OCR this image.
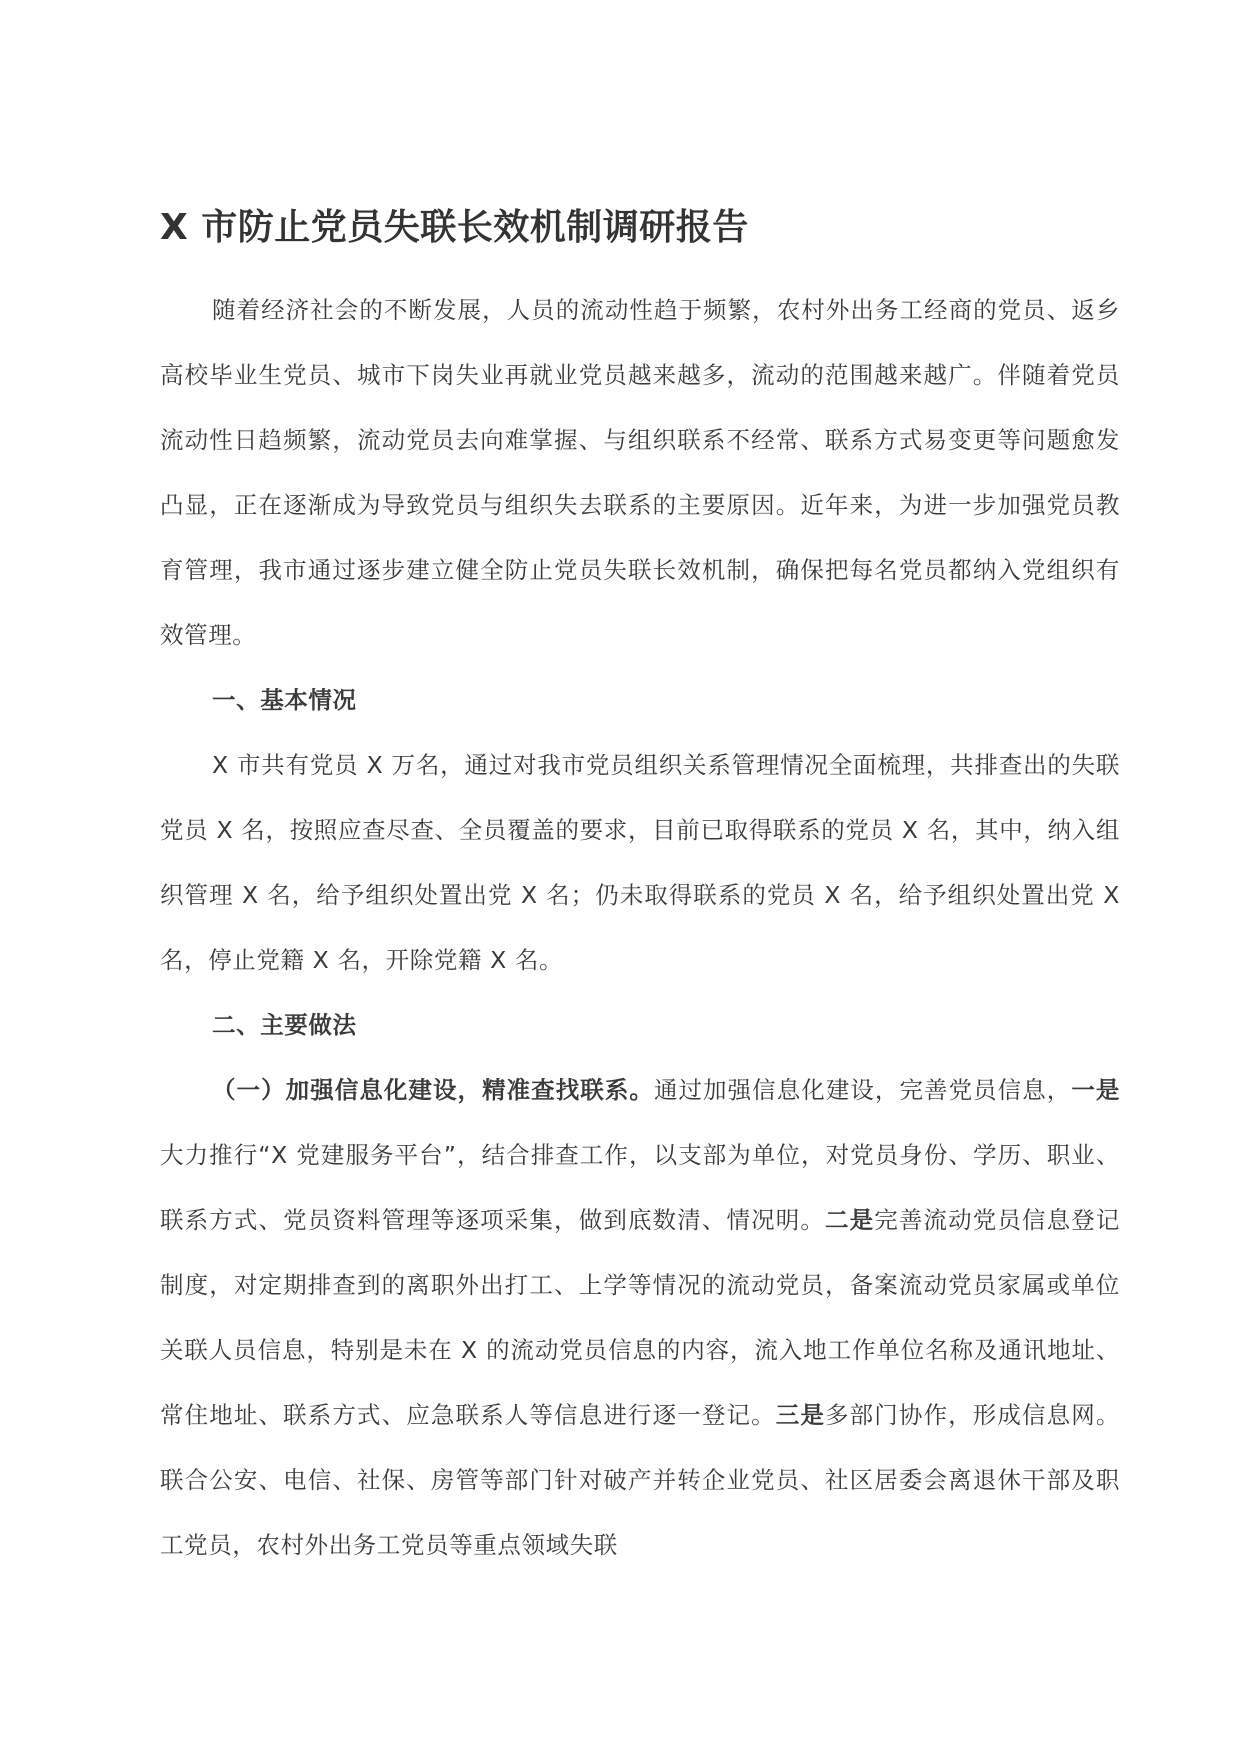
X 市防止党员失联长效机制调研报告

随着经济社会的不断发展，人员的流动性趋于频繁，农村外出务工经商的党员、返乡高校毕业生党员、城市下岗失业再就业党员越来越多，流动的范围越来越广。伴随着党员流动性日趋频繁，流动党员去向难掌握、与组织联系不经常、联系方式易变更等问题愈发凸显，正在逐渐成为导致党员与组织失去联系的主要原因。近年来，为进一步加强党员教育管理，我市通过逐步建立健全防止党员失联长效机制，确保把每名党员都纳入党组织有效管理。

一、基本情况

X 市共有党员 X 万名，通过对我市党员组织关系管理情况全面梳理，共排查出的失联党员 X 名，按照应查尽查、全员覆盖的要求，目前已取得联系的党员 X 名，其中，纳入组织管理 X 名，给予组织处置出党 X 名；仍未取得联系的党员 X 名，给予组织处置出党 X 名，停止党籍 X 名，开除党籍 X 名。

二、主要做法

（一）加强信息化建设，精准查找联系。通过加强信息化建设，完善党员信息，一是大力推行“X 党建服务平台”，结合排查工作，以支部为单位，对党员身份、学历、职业、联系方式、党员资料管理等逐项采集，做到底数清、情况明。二是完善流动党员信息登记制度，对定期排查到的离职外出打工、上学等情况的流动党员，备案流动党员家属或单位关联人员信息，特别是未在 X 的流动党员信息的内容，流入地工作单位名称及通讯地址、常住地址、联系方式、应急联系人等信息进行逐一登记。三是多部门协作，形成信息网。联合公安、电信、社保、房管等部门针对破产并转企业党员、社区居委会离退休干部及职工党员，农村外出务工党员等重点领域失联
